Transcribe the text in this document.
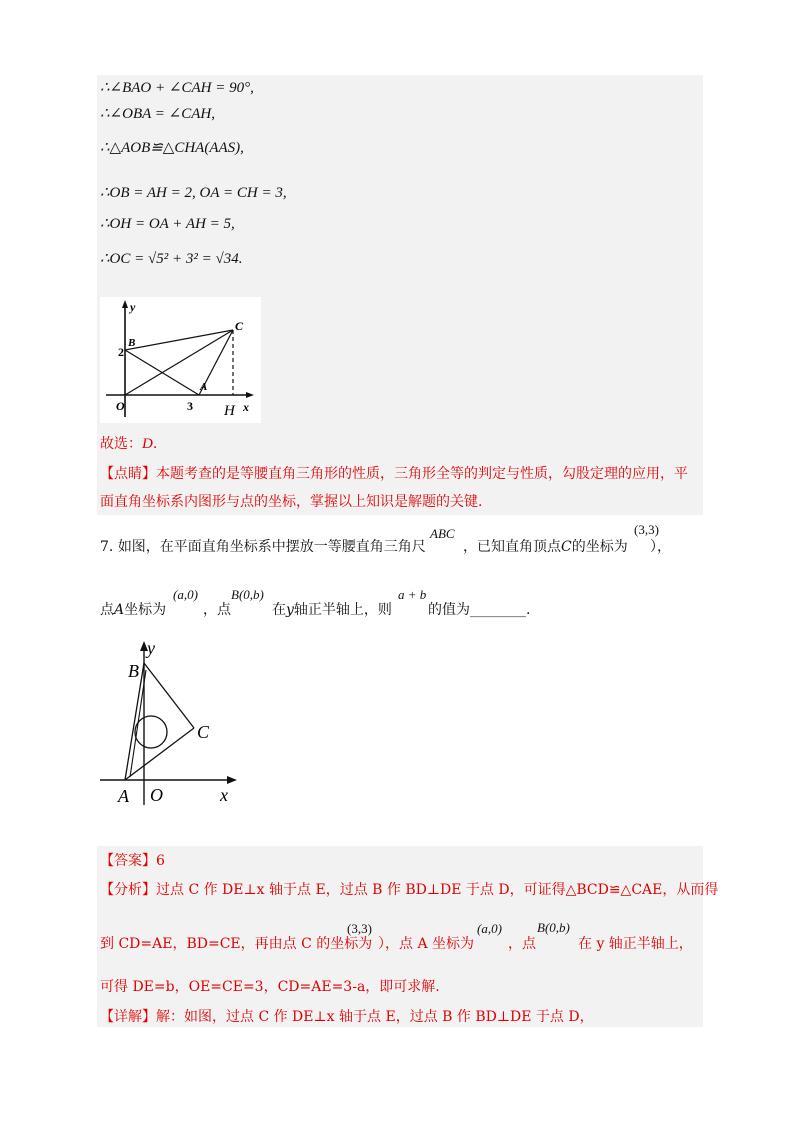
∴∠BAO + ∠CAH = 90°,
∴∠OBA = ∠CAH,
∴△AOB≌△CHA(AAS),
∴OB = AH = 2, OA = CH = 3,
∴OH = OA + AH = 5,
∴OC = √5² + 3² = √34.
y
x
O
B
2
C
A
3 H
故选：D.
【点睛】本题考查的是等腰直角三角形的性质，三角形全等的判定与性质，勾股定理的应用，平
面直角坐标系内图形与点的坐标，掌握以上知识是解题的关键.
7. 如图，在平面直角坐标系中摆放一等腰直角三角尺
ABC
，已知直角顶点C的坐标为
(3,3)
），
点A坐标为
(a,0)
，点
B(0,b)
在y轴正半轴上，则
a + b
的值为________.
y
B
C
A O	x
【答案】6
【分析】过点 C 作 DE⊥x 轴于点 E，过点 B 作 BD⊥DE 于点 D，可证得△BCD≌△CAE，从而得
到 CD=AE，BD=CE，再由点 C 的坐标为
(3,3)
），点 A 坐标为
(a,0)
，点
B(0,b)
在 y 轴正半轴上，
可得 DE=b，OE=CE=3，CD=AE=3-a，即可求解.
【详解】解：如图，过点 C 作 DE⊥x 轴于点 E，过点 B 作 BD⊥DE 于点 D，
